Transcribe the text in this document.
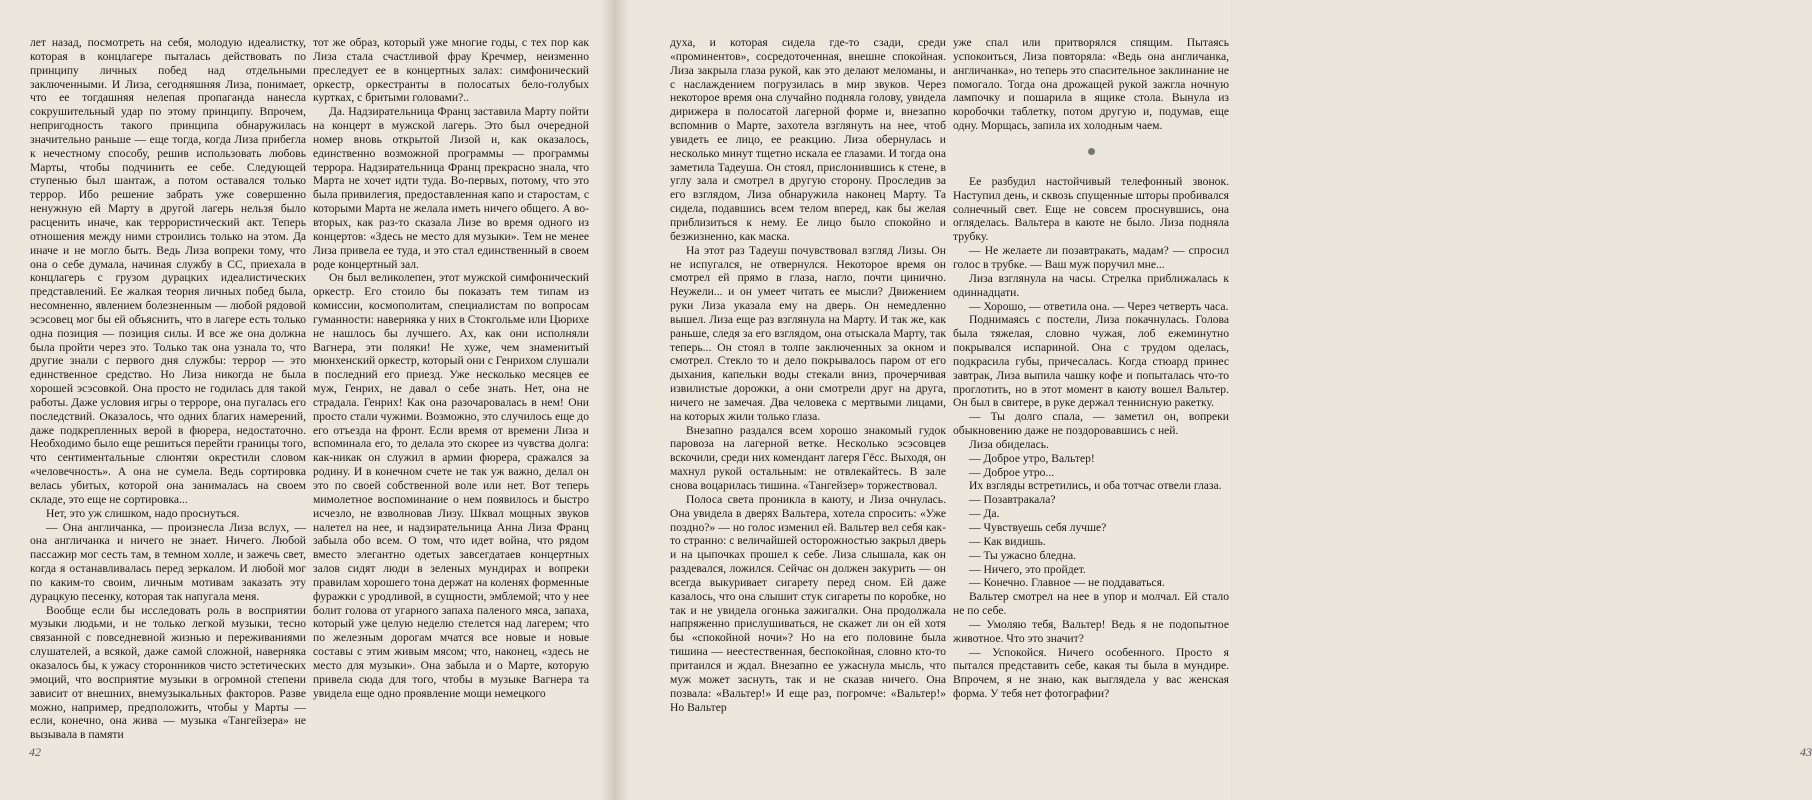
лет назад, посмотреть на себя, молодую идеалистку, которая в концлагере пыталась действовать по принципу личных побед над отдельными заключенными. И Лиза, сегодняшняя Лиза, понимает, что ее тогдашняя нелепая пропаганда нанесла сокрушительный удар по этому принципу. Впрочем, непригодность такого принципа обнаружилась значительно раньше — еще тогда, когда Лиза прибегла к нечестному способу, решив использовать любовь Марты, чтобы подчинить ее себе. Следующей ступенью был шантаж, а потом оставался только террор. Ибо решение забрать уже совершенно ненужную ей Марту в другой лагерь нельзя было расценить иначе, как террористический акт. Теперь отношения между ними строились только на этом. Да иначе и не могло быть. Ведь Лиза вопреки тому, что она о себе думала, начиная службу в СС, приехала в концлагерь с грузом дурацких идеалистических представлений. Ее жалкая теория личных побед была, несомненно, явлением болезненным — любой рядовой эсэсовец мог бы ей объяснить, что в лагере есть только одна позиция — позиция силы. И все же она должна была пройти через это. Только так она узнала то, что другие знали с первого дня службы: террор — это единственное средство. Но Лиза никогда не была хорошей эсэсовкой. Она просто не годилась для такой работы. Даже условия игры о терроре, она пугалась его последствий. Оказалось, что одних благих намерений, даже подкрепленных верой в фюрера, недостаточно. Необходимо было еще решиться перейти границы того, что сентиментальные слюнтяи окрестили словом «человечность». А она не сумела. Ведь сортировка велась убитых, которой она занималась на своем складе, это еще не сортировка...

Нет, это уж слишком, надо проснуться.

— Она англичанка, — произнесла Лиза вслух, — она англичанка и ничего не знает. Ничего. Любой пассажир мог сесть там, в темном холле, и зажечь свет, когда я останавливалась перед зеркалом. И любой мог по каким-то своим, личным мотивам заказать эту дурацкую песенку, которая так напугала меня.

Вообще если бы исследовать роль в восприятии музыки людьми, и не только легкой музыки, тесно связанной с повседневной жизнью и переживаниями слушателей, а всякой, даже самой сложной, наверняка оказалось бы, к ужасу сторонников чисто эстетических эмоций, что восприятие музыки в огромной степени зависит от внешних, внемузыкальных факторов. Разве можно, например, предположить, чтобы у Марты — если, конечно, она жива — музыка «Тангейзера» не вызывала в памяти

тот же образ, который уже многие годы, с тех пор как Лиза стала счастливой фрау Кречмер, неизменно преследует ее в концертных залах: симфонический оркестр, оркестранты в полосатых бело-голубых куртках, с бритыми головами?..

Да. Надзирательница Франц заставила Марту пойти на концерт в мужской лагерь. Это был очередной номер вновь открытой Лизой и, как оказалось, единственно возможной программы — программы террора. Надзирательница Франц прекрасно знала, что Марта не хочет идти туда. Во-первых, потому, что это была привилегия, предоставленная капо и старостам, с которыми Марта не желала иметь ничего общего. А во-вторых, как раз-то сказала Лизе во время одного из концертов: «Здесь не место для музыки». Тем не менее Лиза привела ее туда, и это стал единственный в своем роде концертный зал.

Он был великолепен, этот мужской симфонический оркестр. Его стоило бы показать тем типам из комиссии, космополитам, специалистам по вопросам гуманности: наверняка у них в Стокгольме или Цюрихе не нашлось бы лучшего. Ах, как они исполняли Вагнера, эти поляки! Не хуже, чем знаменитый мюнхенский оркестр, который они с Генрихом слушали в последний его приезд. Уже несколько месяцев ее муж, Генрих, не давал о себе знать. Нет, она не страдала. Генрих! Как она разочаровалась в нем! Они просто стали чужими. Возможно, это случилось еще до его отъезда на фронт. Если время от времени Лиза и вспоминала его, то делала это скорее из чувства долга: как-никак он служил в армии фюрера, сражался за родину. И в конечном счете не так уж важно, делал он это по своей собственной воле или нет. Вот теперь мимолетное воспоминание о нем появилось и быстро исчезло, не взволновав Лизу. Шквал мощных звуков налетел на нее, и надзирательница Анна Лиза Франц забыла обо всем. О том, что идет война, что рядом вместо элегантно одетых завсегдатаев концертных залов сидят люди в зеленых мундирах и вопреки правилам хорошего тона держат на коленях форменные фуражки с уродливой, в сущности, эмблемой; что у нее болит голова от угарного запаха паленого мяса, запаха, который уже целую неделю стелется над лагерем; что по железным дорогам мчатся все новые и новые составы с этим живым мясом; что, наконец, «здесь не место для музыки». Она забыла и о Марте, которую привела сюда для того, чтобы в музыке Вагнера та увидела еще одно проявление мощи немецкого

42	43

духа, и которая сидела где-то сзади, среди «проминентов», сосредоточенная, внешне спокойная. Лиза закрыла глаза рукой, как это делают меломаны, и с наслаждением погрузилась в мир звуков. Через некоторое время она случайно подняла голову, увидела дирижера в полосатой лагерной форме и, внезапно вспомнив о Марте, захотела взглянуть на нее, чтоб увидеть ее лицо, ее реакцию. Лиза обернулась и несколько минут тщетно искала ее глазами. И тогда она заметила Тадеуша. Он стоял, прислонившись к стене, в углу зала и смотрел в другую сторону. Проследив за его взглядом, Лиза обнаружила наконец Марту. Та сидела, подавшись всем телом вперед, как бы желая приблизиться к нему. Ее лицо было спокойно и безжизненно, как маска.

На этот раз Тадеуш почувствовал взгляд Лизы. Он не испугался, не отвернулся. Некоторое время он смотрел ей прямо в глаза, нагло, почти цинично. Неужели... и он умеет читать ее мысли? Движением руки Лиза указала ему на дверь. Он немедленно вышел. Лиза еще раз взглянула на Марту. И так же, как раньше, следя за его взглядом, она отыскала Марту, так теперь... Он стоял в толпе заключенных за окном и смотрел. Стекло то и дело покрывалось паром от его дыхания, капельки воды стекали вниз, прочерчивая извилистые дорожки, а они смотрели друг на друга, ничего не замечая. Два человека с мертвыми лицами, на которых жили только глаза.

Внезапно раздался всем хорошо знакомый гудок паровоза на лагерной ветке. Несколько эсэсовцев вскочили, среди них комендант лагеря Гёсс. Выходя, он махнул рукой остальным: не отвлекайтесь. В зале снова воцарилась тишина. «Тангейзер» торжествовал.

Полоса света проникла в каюту, и Лиза очнулась. Она увидела в дверях Вальтера, хотела спросить: «Уже поздно?» — но голос изменил ей. Вальтер вел себя как-то странно: с величайшей осторожностью закрыл дверь и на цыпочках прошел к себе. Лиза слышала, как он раздевался, ложился. Сейчас он должен закурить — он всегда выкуривает сигарету перед сном. Ей даже казалось, что она слышит стук сигареты по коробке, но так и не увидела огонька зажигалки. Она продолжала напряженно прислушиваться, не скажет ли он ей хотя бы «спокойной ночи»? Но на его половине была тишина — неестественная, беспокойная, словно кто-то притаился и ждал. Внезапно ее ужаснула мысль, что муж может заснуть, так и не сказав ничего. Она позвала: «Вальтер!» И еще раз, погромче: «Вальтер!» Но Вальтер

уже спал или притворялся спящим. Пытаясь успокоиться, Лиза повторяла: «Ведь она англичанка, англичанка», но теперь это спасительное заклинание не помогало. Тогда она дрожащей рукой зажгла ночную лампочку и пошарила в ящике стола. Вынула из коробочки таблетку, потом другую и, подумав, еще одну. Морщась, запила их холодным чаем.

Ее разбудил настойчивый телефонный звонок. Наступил день, и сквозь спущенные шторы пробивался солнечный свет. Еще не совсем проснувшись, она огляделась. Вальтера в каюте не было. Лиза подняла трубку.

— Не желаете ли позавтракать, мадам? — спросил голос в трубке. — Ваш муж поручил мне...

Лиза взглянула на часы. Стрелка приближалась к одиннадцати.

— Хорошо, — ответила она. — Через четверть часа.

Поднимаясь с постели, Лиза покачнулась. Голова была тяжелая, словно чужая, лоб ежеминутно покрывался испариной. Она с трудом оделась, подкрасила губы, причесалась. Когда стюард принес завтрак, Лиза выпила чашку кофе и попыталась что-то проглотить, но в этот момент в каюту вошел Вальтер. Он был в свитере, в руке держал теннисную ракетку.

— Ты долго спала, — заметил он, вопреки обыкновению даже не поздоровавшись с ней.

Лиза обиделась.

— Доброе утро, Вальтер!

— Доброе утро...

Их взгляды встретились, и оба тотчас отвели глаза.

— Позавтракала?

— Да.

— Чувствуешь себя лучше?

— Как видишь.

— Ты ужасно бледна.

— Ничего, это пройдет.

— Конечно. Главное — не поддаваться.

Вальтер смотрел на нее в упор и молчал. Ей стало не по себе.

— Умоляю тебя, Вальтер! Ведь я не подопытное животное. Что это значит?

— Успокойся. Ничего особенного. Просто я пытался представить себе, какая ты была в мундире. Впрочем, я не знаю, как выглядела у вас женская форма. У тебя нет фотографии?
